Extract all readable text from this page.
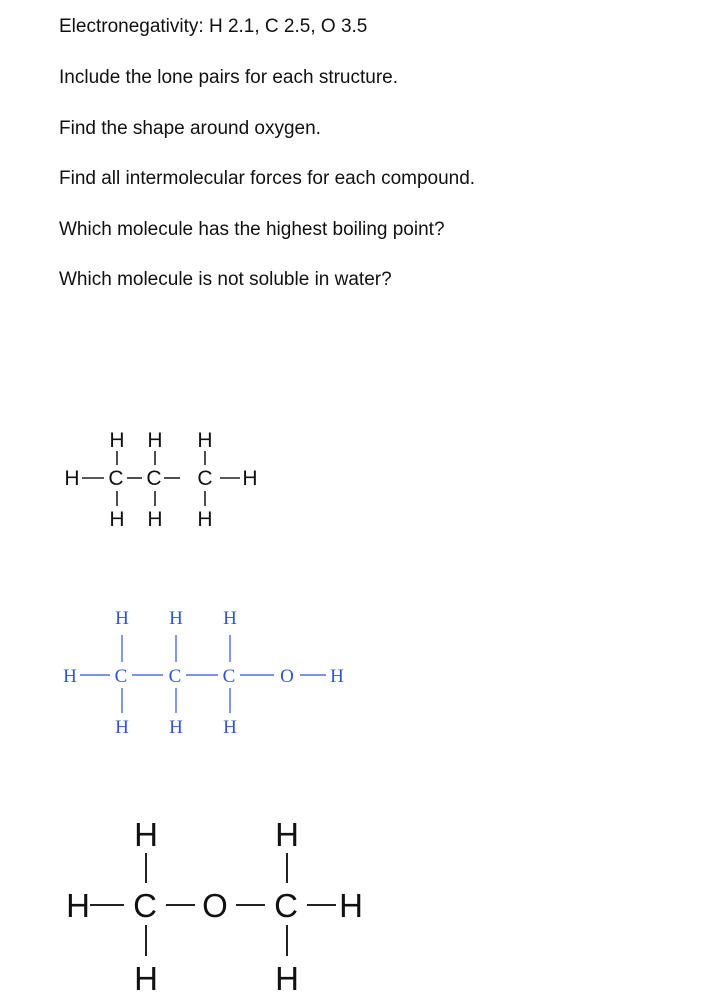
Electronegativity: H 2.1, C 2.5, O 3.5
Include the lone pairs for each structure.
Find the shape around oxygen.
Find all intermolecular forces for each compound.
Which molecule has the highest boiling point?
Which molecule is not soluble in water?
H H H
H C C C H
H H H
H H H
H C C C O H
H H H
H	H
H C O C H
H	H
